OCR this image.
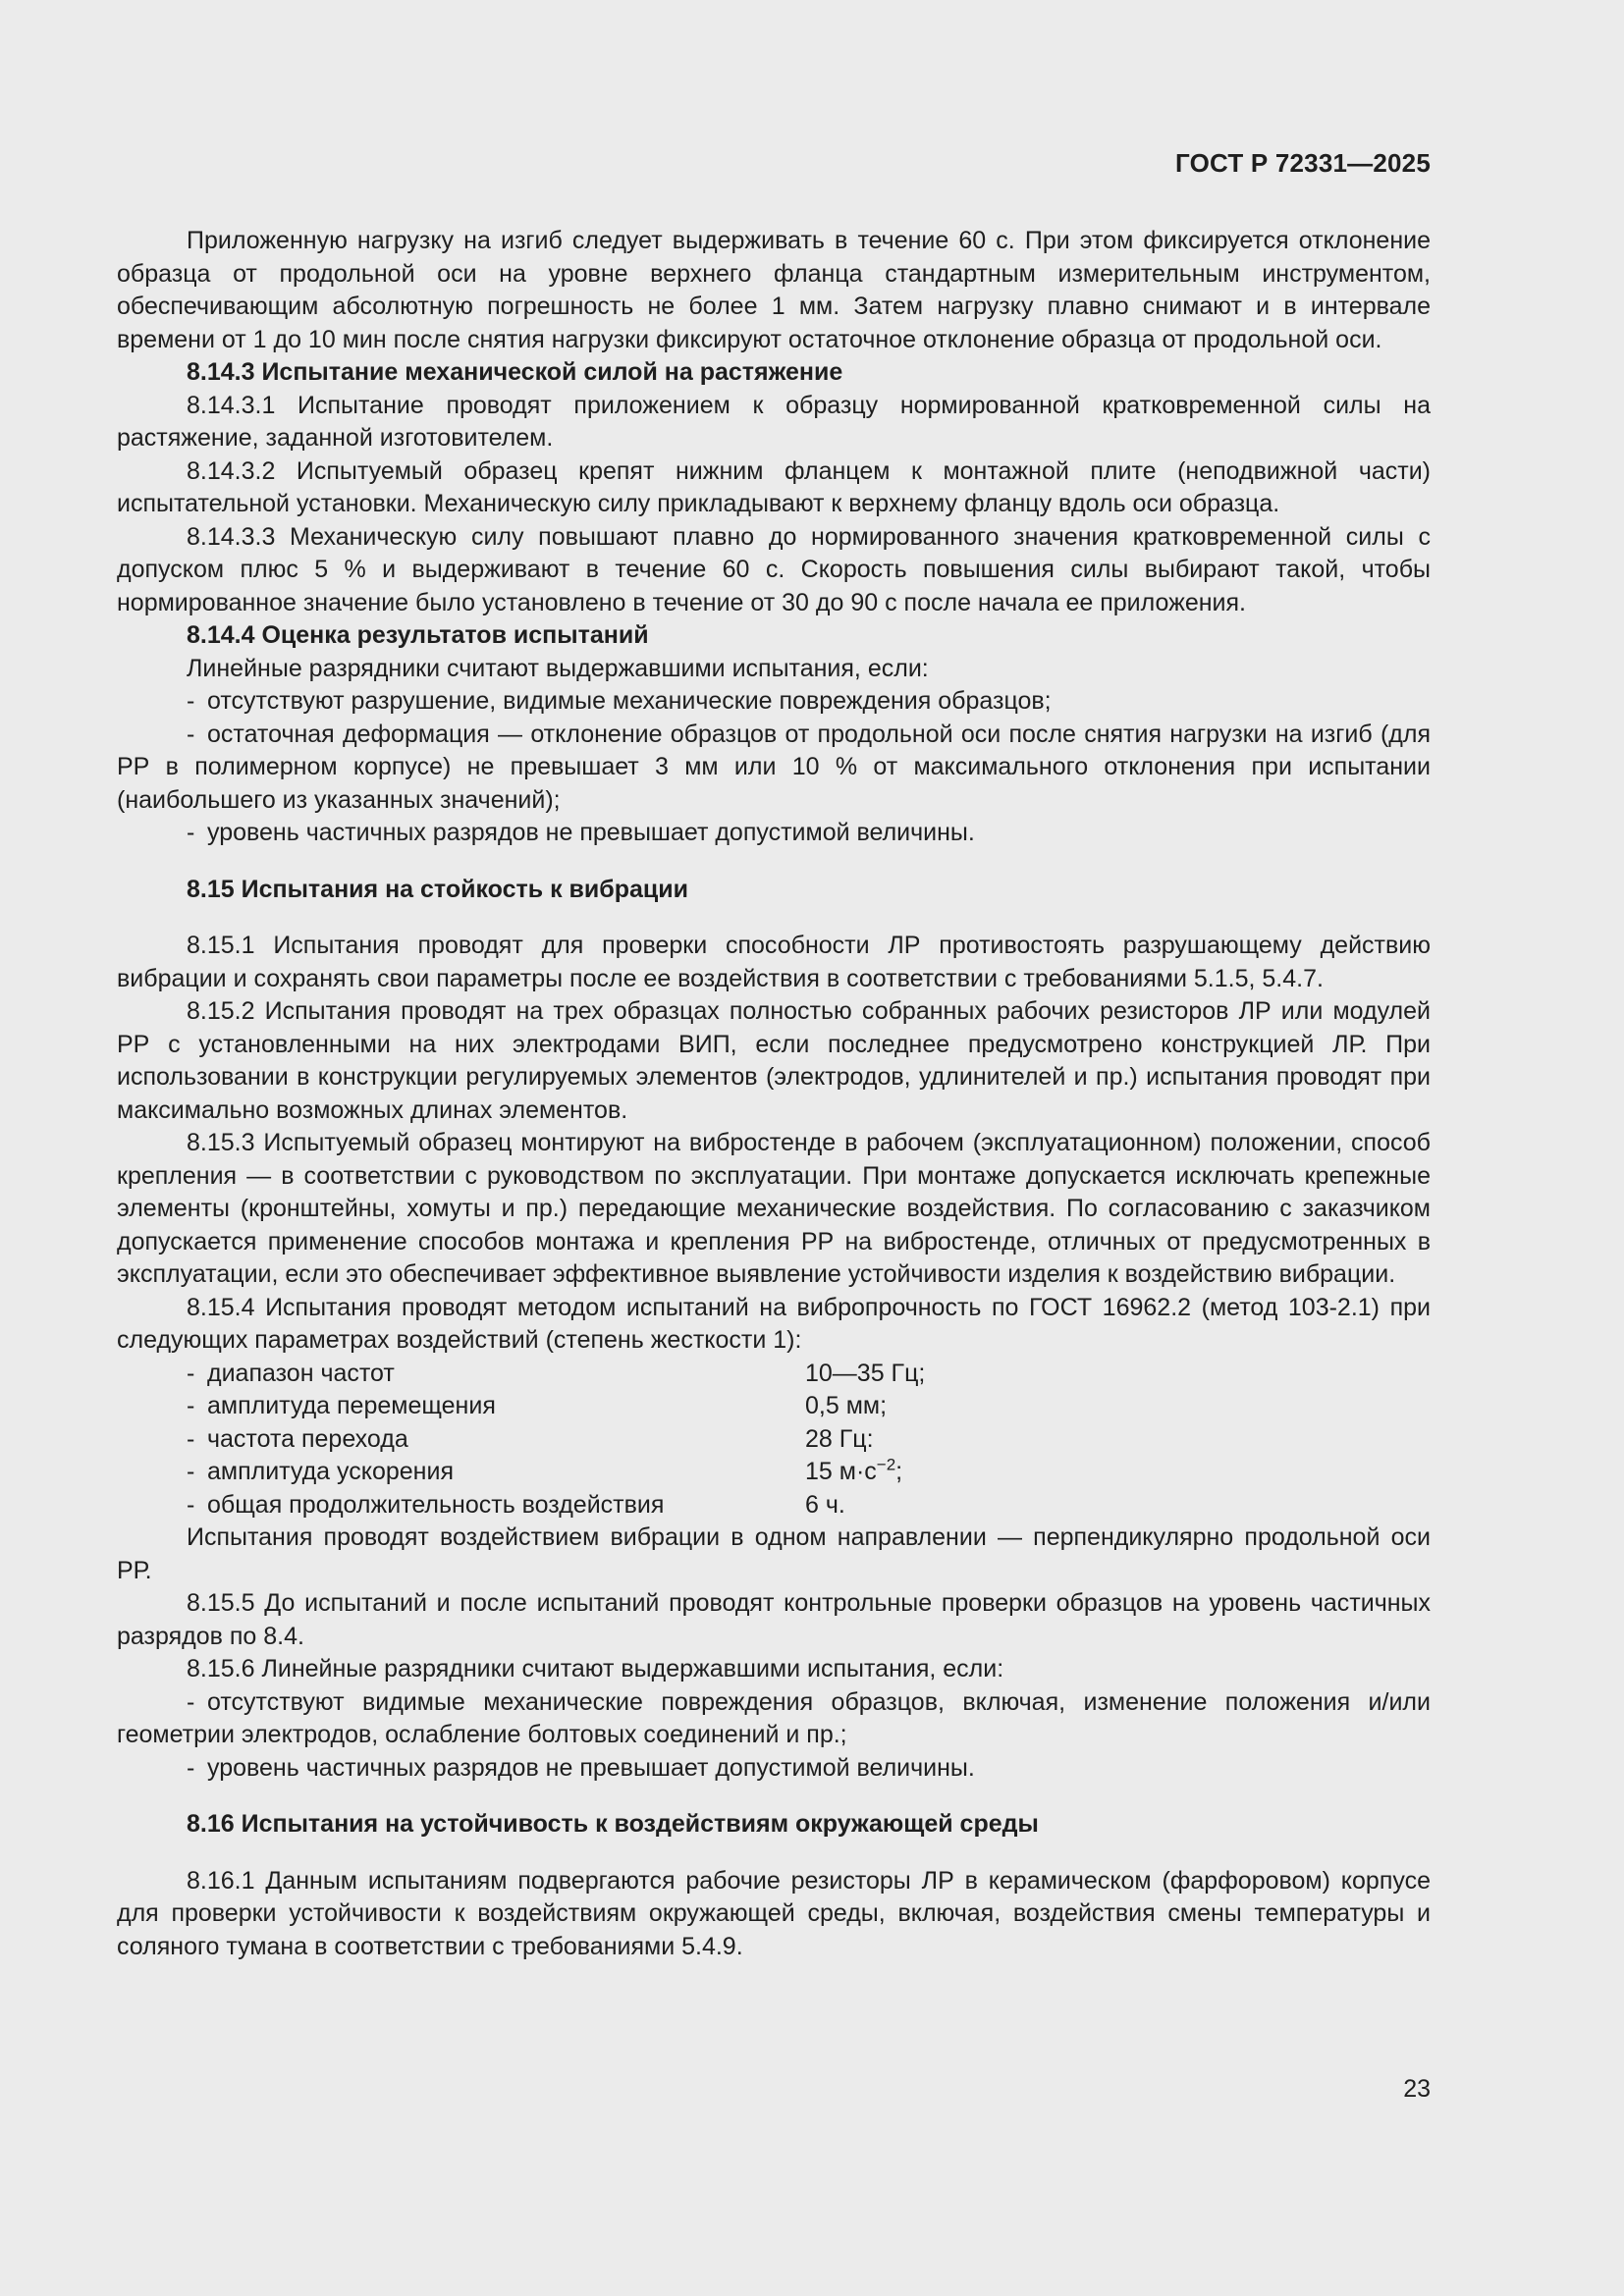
ГОСТ Р 72331—2025

Приложенную нагрузку на изгиб следует выдерживать в течение 60 с. При этом фиксируется отклонение образца от продольной оси на уровне верхнего фланца стандартным измерительным инструментом, обеспечивающим абсолютную погрешность не более 1 мм. Затем нагрузку плавно снимают и в интервале времени от 1 до 10 мин после снятия нагрузки фиксируют остаточное отклонение образца от продольной оси.

8.14.3 Испытание механической силой на растяжение

8.14.3.1 Испытание проводят приложением к образцу нормированной кратковременной силы на растяжение, заданной изготовителем.

8.14.3.2 Испытуемый образец крепят нижним фланцем к монтажной плите (неподвижной части) испытательной установки. Механическую силу прикладывают к верхнему фланцу вдоль оси образца.

8.14.3.3 Механическую силу повышают плавно до нормированного значения кратковременной силы с допуском плюс 5 % и выдерживают в течение 60 с. Скорость повышения силы выбирают такой, чтобы нормированное значение было установлено в течение от 30 до 90 с после начала ее приложения.

8.14.4 Оценка результатов испытаний

Линейные разрядники считают выдержавшими испытания, если:

- отсутствуют разрушение, видимые механические повреждения образцов;

- остаточная деформация — отклонение образцов от продольной оси после снятия нагрузки на изгиб (для РР в полимерном корпусе) не превышает 3 мм или 10 % от максимального отклонения при испытании (наибольшего из указанных значений);

- уровень частичных разрядов не превышает допустимой величины.

8.15 Испытания на стойкость к вибрации

8.15.1 Испытания проводят для проверки способности ЛР противостоять разрушающему действию вибрации и сохранять свои параметры после ее воздействия в соответствии с требованиями 5.1.5, 5.4.7.

8.15.2 Испытания проводят на трех образцах полностью собранных рабочих резисторов ЛР или модулей РР с установленными на них электродами ВИП, если последнее предусмотрено конструкцией ЛР. При использовании в конструкции регулируемых элементов (электродов, удлинителей и пр.) испытания проводят при максимально возможных длинах элементов.

8.15.3 Испытуемый образец монтируют на вибростенде в рабочем (эксплуатационном) положении, способ крепления — в соответствии с руководством по эксплуатации. При монтаже допускается исключать крепежные элементы (кронштейны, хомуты и пр.) передающие механические воздействия. По согласованию с заказчиком допускается применение способов монтажа и крепления РР на вибростенде, отличных от предусмотренных в эксплуатации, если это обеспечивает эффективное выявление устойчивости изделия к воздействию вибрации.

8.15.4 Испытания проводят методом испытаний на вибропрочность по ГОСТ 16962.2 (метод 103-2.1) при следующих параметрах воздействий (степень жесткости 1):

- диапазон частот	10—35 Гц;
- амплитуда перемещения	0,5 мм;
- частота перехода	28 Гц:
- амплитуда ускорения	15 $м\cdot с^{-2}$;
- общая продолжительность воздействия	6 ч.

Испытания проводят воздействием вибрации в одном направлении — перпендикулярно продольной оси РР.

8.15.5 До испытаний и после испытаний проводят контрольные проверки образцов на уровень частичных разрядов по 8.4.

8.15.6 Линейные разрядники считают выдержавшими испытания, если:

- отсутствуют видимые механические повреждения образцов, включая, изменение положения и/или геометрии электродов, ослабление болтовых соединений и пр.;

- уровень частичных разрядов не превышает допустимой величины.

8.16 Испытания на устойчивость к воздействиям окружающей среды

8.16.1 Данным испытаниям подвергаются рабочие резисторы ЛР в керамическом (фарфоровом) корпусе для проверки устойчивости к воздействиям окружающей среды, включая, воздействия смены температуры и соляного тумана в соответствии с требованиями 5.4.9.

23
